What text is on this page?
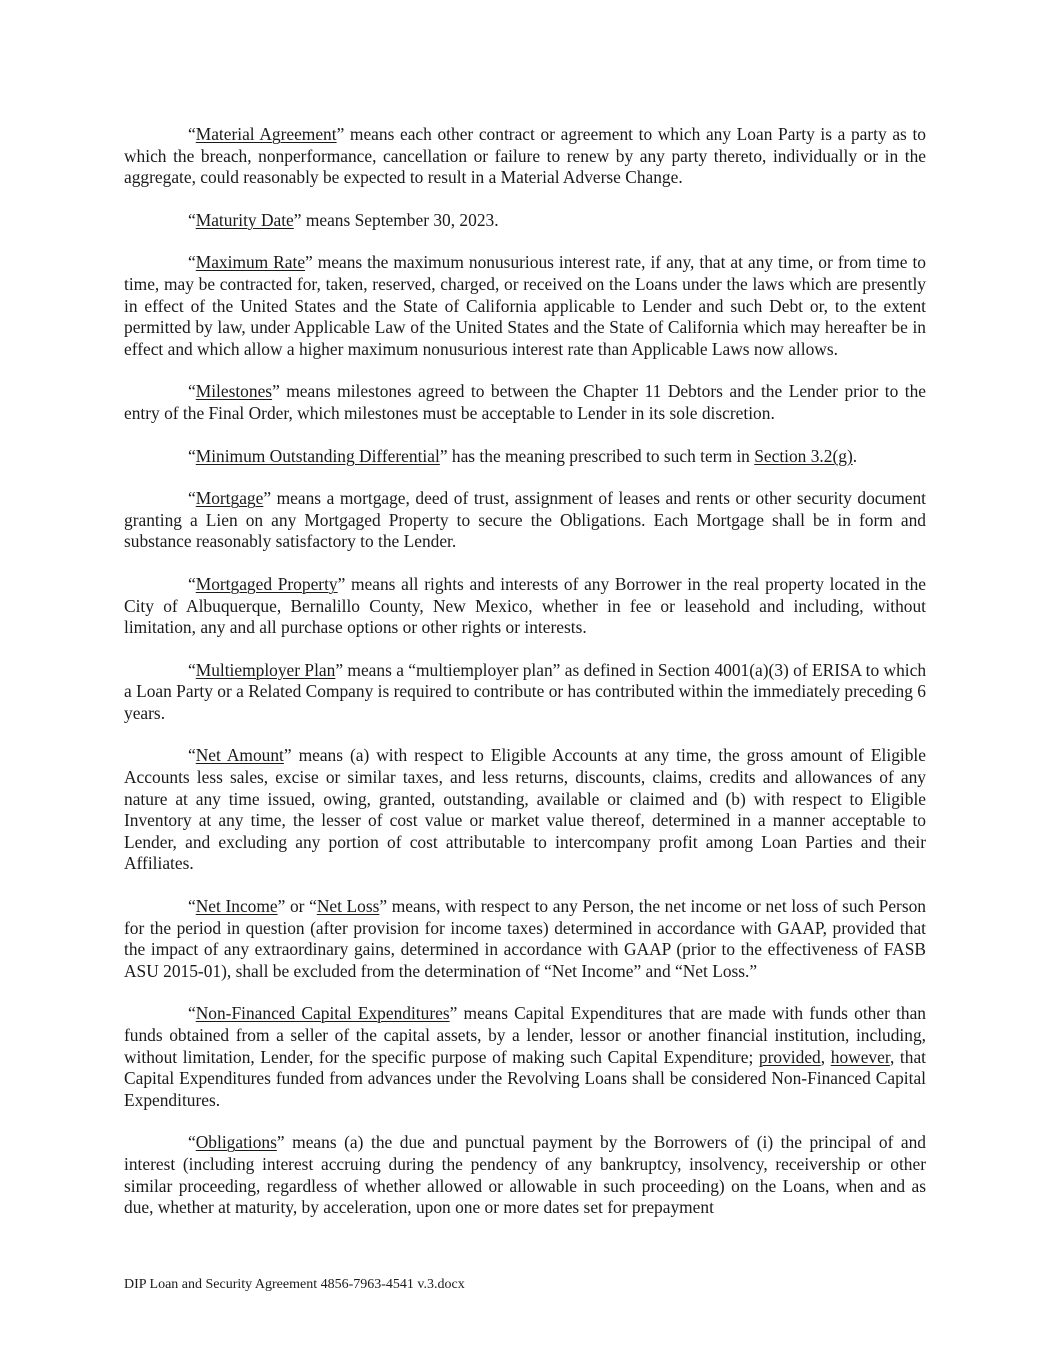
“Material Agreement” means each other contract or agreement to which any Loan Party is a party as to which the breach, nonperformance, cancellation or failure to renew by any party thereto, individually or in the aggregate, could reasonably be expected to result in a Material Adverse Change.

“Maturity Date” means September 30, 2023.

“Maximum Rate” means the maximum nonusurious interest rate, if any, that at any time, or from time to time, may be contracted for, taken, reserved, charged, or received on the Loans under the laws which are presently in effect of the United States and the State of California applicable to Lender and such Debt or, to the extent permitted by law, under Applicable Law of the United States and the State of California which may hereafter be in effect and which allow a higher maximum nonusurious interest rate than Applicable Laws now allows.

“Milestones” means milestones agreed to between the Chapter 11 Debtors and the Lender prior to the entry of the Final Order, which milestones must be acceptable to Lender in its sole discretion.

“Minimum Outstanding Differential” has the meaning prescribed to such term in Section 3.2(g).

“Mortgage” means a mortgage, deed of trust, assignment of leases and rents or other security document granting a Lien on any Mortgaged Property to secure the Obligations. Each Mortgage shall be in form and substance reasonably satisfactory to the Lender.

“Mortgaged Property” means all rights and interests of any Borrower in the real property located in the City of Albuquerque, Bernalillo County, New Mexico, whether in fee or leasehold and including, without limitation, any and all purchase options or other rights or interests.

“Multiemployer Plan” means a “multiemployer plan” as defined in Section 4001(a)(3) of ERISA to which a Loan Party or a Related Company is required to contribute or has contributed within the immediately preceding 6 years.

“Net Amount” means (a) with respect to Eligible Accounts at any time, the gross amount of Eligible Accounts less sales, excise or similar taxes, and less returns, discounts, claims, credits and allowances of any nature at any time issued, owing, granted, outstanding, available or claimed and (b) with respect to Eligible Inventory at any time, the lesser of cost value or market value thereof, determined in a manner acceptable to Lender, and excluding any portion of cost attributable to intercompany profit among Loan Parties and their Affiliates.

“Net Income” or “Net Loss” means, with respect to any Person, the net income or net loss of such Person for the period in question (after provision for income taxes) determined in accordance with GAAP, provided that the impact of any extraordinary gains, determined in accordance with GAAP (prior to the effectiveness of FASB ASU 2015-01), shall be excluded from the determination of “Net Income” and “Net Loss.”

“Non-Financed Capital Expenditures” means Capital Expenditures that are made with funds other than funds obtained from a seller of the capital assets, by a lender, lessor or another financial institution, including, without limitation, Lender, for the specific purpose of making such Capital Expenditure; provided, however, that Capital Expenditures funded from advances under the Revolving Loans shall be considered Non-Financed Capital Expenditures.

“Obligations” means (a) the due and punctual payment by the Borrowers of (i) the principal of and interest (including interest accruing during the pendency of any bankruptcy, insolvency, receivership or other similar proceeding, regardless of whether allowed or allowable in such proceeding) on the Loans, when and as due, whether at maturity, by acceleration, upon one or more dates set for prepayment

DIP Loan and Security Agreement 4856-7963-4541 v.3.docx
